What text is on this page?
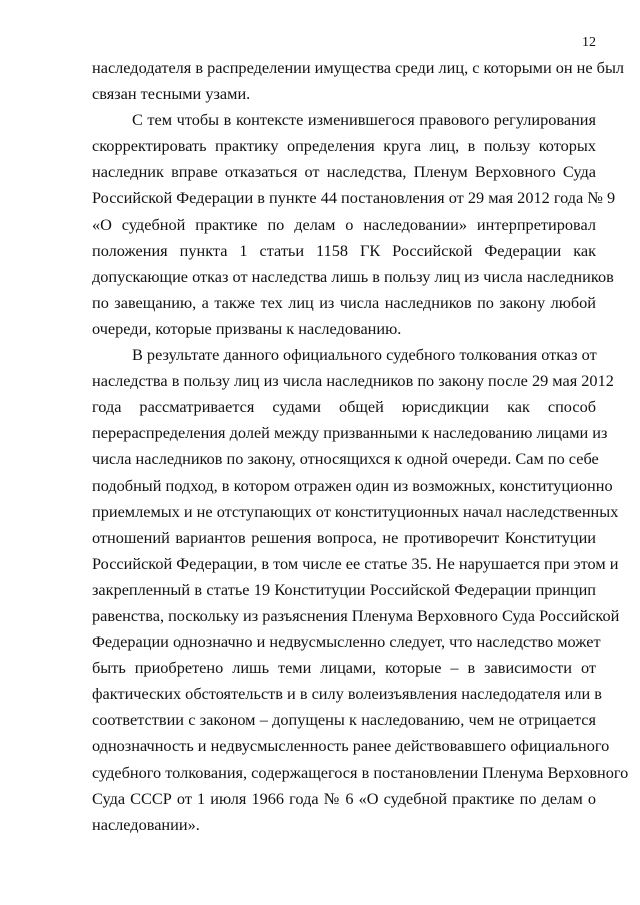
12
наследодателя в распределении имущества среди лиц, с которыми он не был
связан тесными узами.
С тем чтобы в контексте изменившегося правового регулирования
скорректировать практику определения круга лиц, в пользу которых
наследник вправе отказаться от наследства, Пленум Верховного Суда
Российской Федерации в пункте 44 постановления от 29 мая 2012 года № 9
«О судебной практике по делам о наследовании» интерпретировал
положения пункта 1 статьи 1158 ГК Российской Федерации как
допускающие отказ от наследства лишь в пользу лиц из числа наследников
по завещанию, а также тех лиц из числа наследников по закону любой
очереди, которые призваны к наследованию.
В результате данного официального судебного толкования отказ от
наследства в пользу лиц из числа наследников по закону после 29 мая 2012
года рассматривается судами общей юрисдикции как способ
перераспределения долей между призванными к наследованию лицами из
числа наследников по закону, относящихся к одной очереди. Сам по себе
подобный подход, в котором отражен один из возможных, конституционно
приемлемых и не отступающих от конституционных начал наследственных
отношений вариантов решения вопроса, не противоречит Конституции
Российской Федерации, в том числе ее статье 35. Не нарушается при этом и
закрепленный в статье 19 Конституции Российской Федерации принцип
равенства, поскольку из разъяснения Пленума Верховного Суда Российской
Федерации однозначно и недвусмысленно следует, что наследство может
быть приобретено лишь теми лицами, которые – в зависимости от
фактических обстоятельств и в силу волеизъявления наследодателя или в
соответствии с законом – допущены к наследованию, чем не отрицается
однозначность и недвусмысленность ранее действовавшего официального
судебного толкования, содержащегося в постановлении Пленума Верховного
Суда СССР от 1 июля 1966 года № 6 «О судебной практике по делам о
наследовании».
